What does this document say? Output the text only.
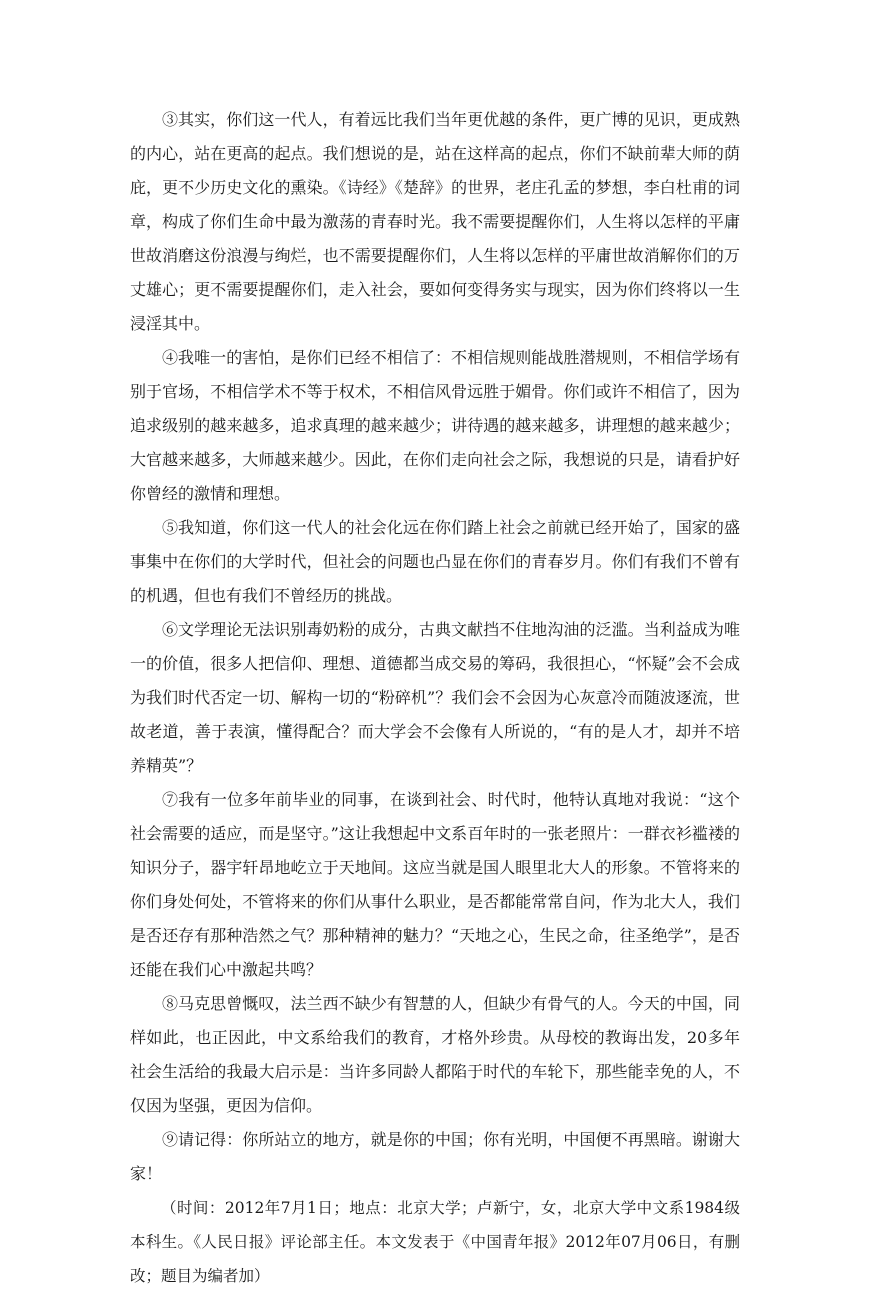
③其实，你们这一代人，有着远比我们当年更优越的条件，更广博的见识，更成熟的内心，站在更高的起点。我们想说的是，站在这样高的起点，你们不缺前辈大师的荫庇，更不少历史文化的熏染。《诗经》《楚辞》的世界，老庄孔孟的梦想，李白杜甫的词章，构成了你们生命中最为激荡的青春时光。我不需要提醒你们，人生将以怎样的平庸世故消磨这份浪漫与绚烂，也不需要提醒你们，人生将以怎样的平庸世故消解你们的万丈雄心；更不需要提醒你们，走入社会，要如何变得务实与现实，因为你们终将以一生浸淫其中。

④我唯一的害怕，是你们已经不相信了：不相信规则能战胜潜规则，不相信学场有别于官场，不相信学术不等于权术，不相信风骨远胜于媚骨。你们或许不相信了，因为追求级别的越来越多，追求真理的越来越少；讲待遇的越来越多，讲理想的越来越少；大官越来越多，大师越来越少。因此，在你们走向社会之际，我想说的只是，请看护好你曾经的激情和理想。

⑤我知道，你们这一代人的社会化远在你们踏上社会之前就已经开始了，国家的盛事集中在你们的大学时代，但社会的问题也凸显在你们的青春岁月。你们有我们不曾有的机遇，但也有我们不曾经历的挑战。

⑥文学理论无法识别毒奶粉的成分，古典文献挡不住地沟油的泛滥。当利益成为唯一的价值，很多人把信仰、理想、道德都当成交易的筹码，我很担心，“怀疑”会不会成为我们时代否定一切、解构一切的“粉碎机”？我们会不会因为心灰意冷而随波逐流，世故老道，善于表演，懂得配合？而大学会不会像有人所说的，“有的是人才，却并不培养精英”？

⑦我有一位多年前毕业的同事，在谈到社会、时代时，他特认真地对我说：“这个社会需要的适应，而是坚守。”这让我想起中文系百年时的一张老照片：一群衣衫褴褛的知识分子，器宇轩昂地屹立于天地间。这应当就是国人眼里北大人的形象。不管将来的你们身处何处，不管将来的你们从事什么职业，是否都能常常自问，作为北大人，我们是否还存有那种浩然之气？那种精神的魅力？“天地之心，生民之命，往圣绝学”，是否还能在我们心中激起共鸣？

⑧马克思曾慨叹，法兰西不缺少有智慧的人，但缺少有骨气的人。今天的中国，同样如此，也正因此，中文系给我们的教育，才格外珍贵。从母校的教诲出发，20多年社会生活给的我最大启示是：当许多同龄人都陷于时代的车轮下，那些能幸免的人，不仅因为坚强，更因为信仰。

⑨请记得：你所站立的地方，就是你的中国；你有光明，中国便不再黑暗。谢谢大家！

（时间：2012年7月1日；地点：北京大学；卢新宁，女，北京大学中文系1984级本科生。《人民日报》评论部主任。本文发表于《中国青年报》2012年07月06日，有删改；题目为编者加）
